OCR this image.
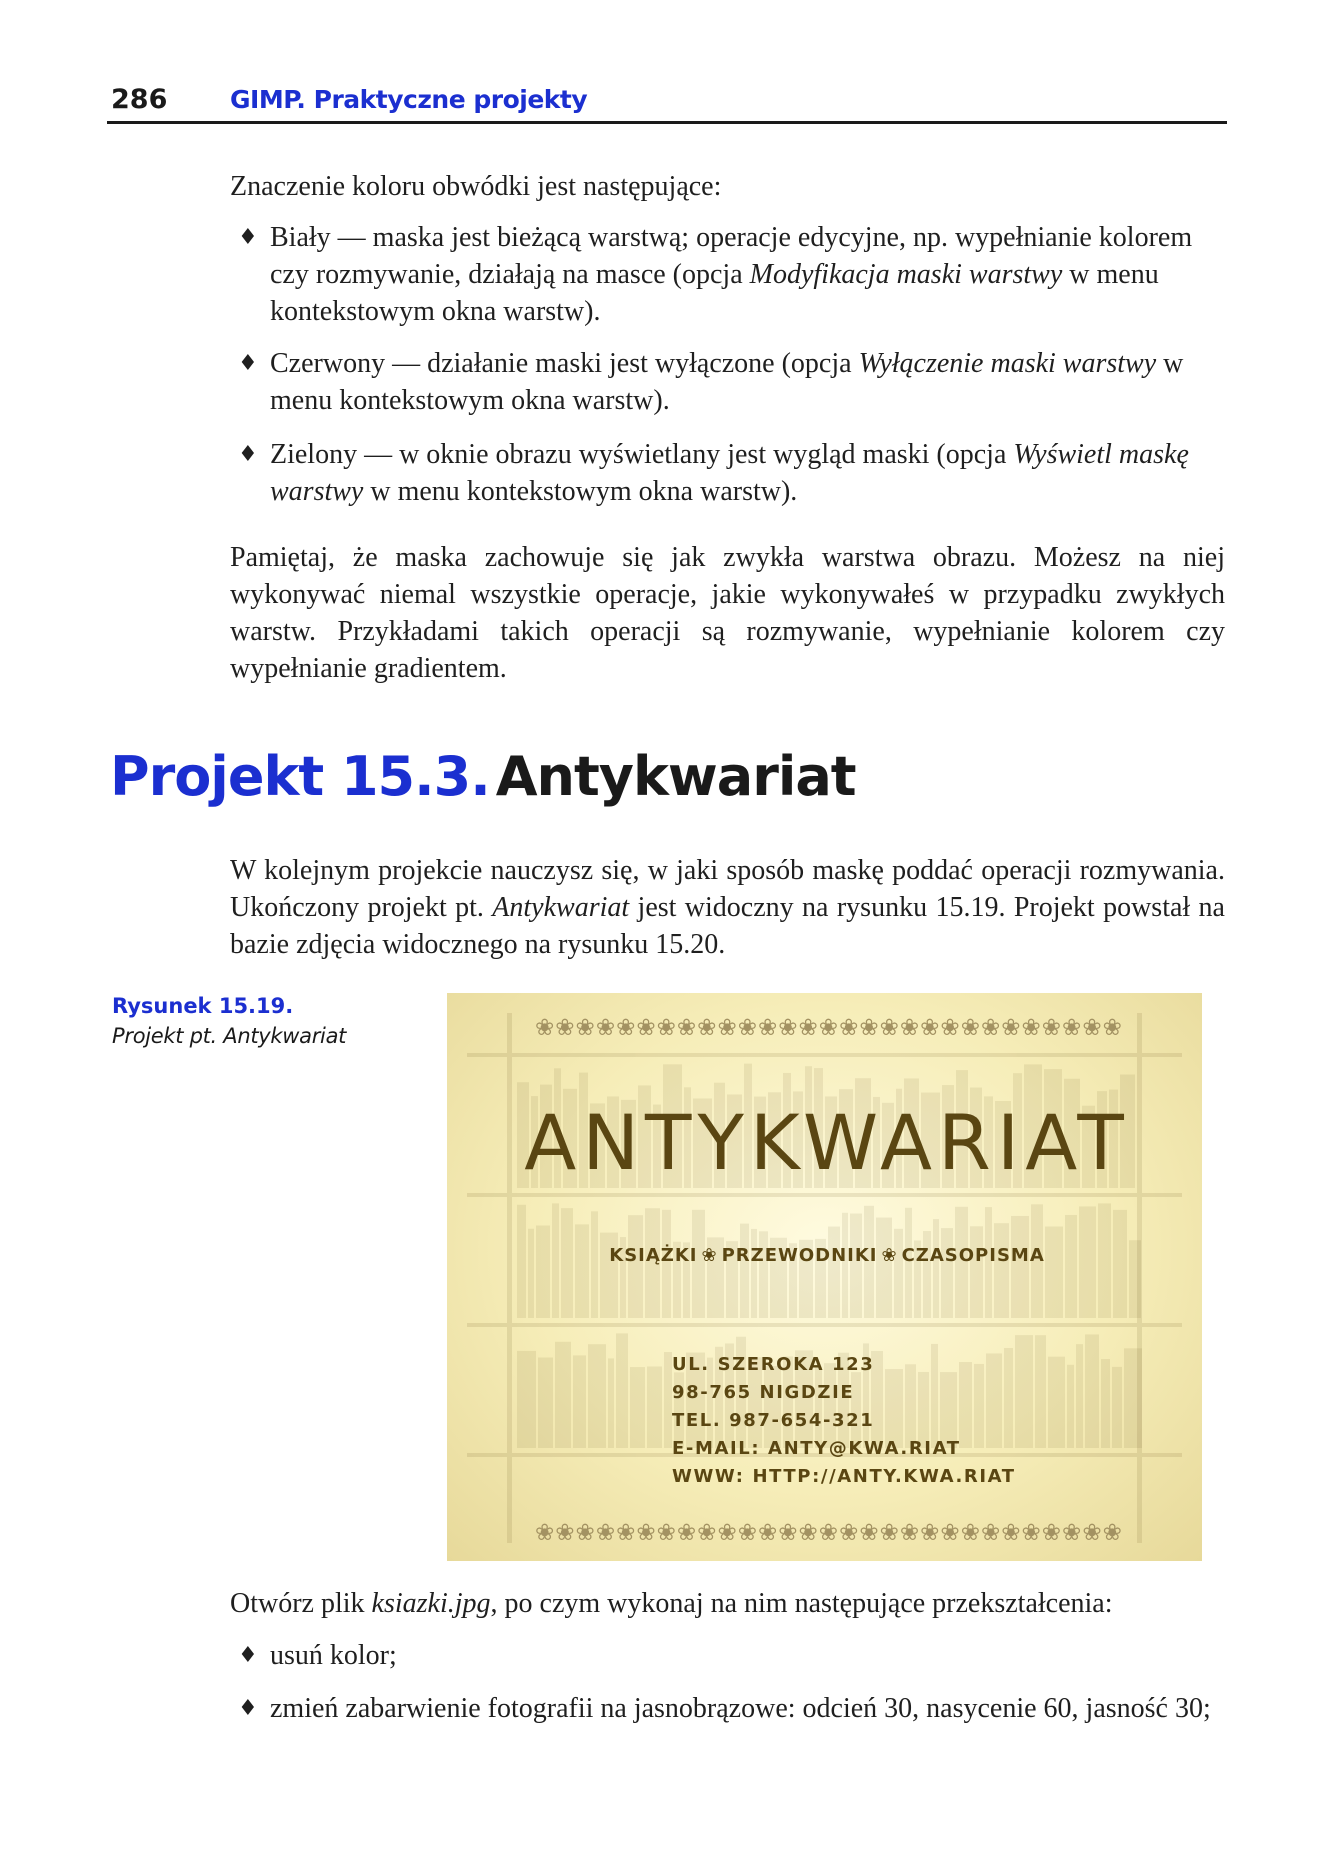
286	GIMP. Praktyczne projekty

Znaczenie koloru obwódki jest następujące:

♦ Biały — maska jest bieżącą warstwą; operacje edycyjne, np. wypełnianie kolorem czy rozmywanie, działają na masce (opcja Modyfikacja maski warstwy w menu kontekstowym okna warstw).
♦ Czerwony — działanie maski jest wyłączone (opcja Wyłączenie maski warstwy w menu kontekstowym okna warstw).
♦ Zielony — w oknie obrazu wyświetlany jest wygląd maski (opcja Wyświetl maskę warstwy w menu kontekstowym okna warstw).

Pamiętaj, że maska zachowuje się jak zwykła warstwa obrazu. Możesz na niej wykonywać niemal wszystkie operacje, jakie wykonywałeś w przypadku zwykłych warstw. Przykładami takich operacji są rozmywanie, wypełnianie kolorem czy wypełnianie gradientem.

Projekt 15.3. Antykwariat

W kolejnym projekcie nauczysz się, w jaki sposób maskę poddać operacji rozmywania. Ukończony projekt pt. Antykwariat jest widoczny na rysunku 15.19. Projekt powstał na bazie zdjęcia widocznego na rysunku 15.20.

Rysunek 15.19.
Projekt pt. Antykwariat	❀❀❀❀❀❀❀❀❀❀❀❀❀❀❀❀❀❀❀❀❀❀❀❀❀❀❀❀❀
ANTYKWARIAT
KSIĄŻKI ❀ PRZEWODNIKI ❀ CZASOPISMA
UL. SZEROKA 123
98-765 NIGDZIE
TEL. 987-654-321
E-MAIL: ANTY@KWA.RIAT
WWW: HTTP://ANTY.KWA.RIAT
❀❀❀❀❀❀❀❀❀❀❀❀❀❀❀❀❀❀❀❀❀❀❀❀❀❀❀❀❀

Otwórz plik ksiazki.jpg, po czym wykonaj na nim następujące przekształcenia:

♦ usuń kolor;
♦ zmień zabarwienie fotografii na jasnobrązowe: odcień 30, nasycenie 60, jasność 30;
